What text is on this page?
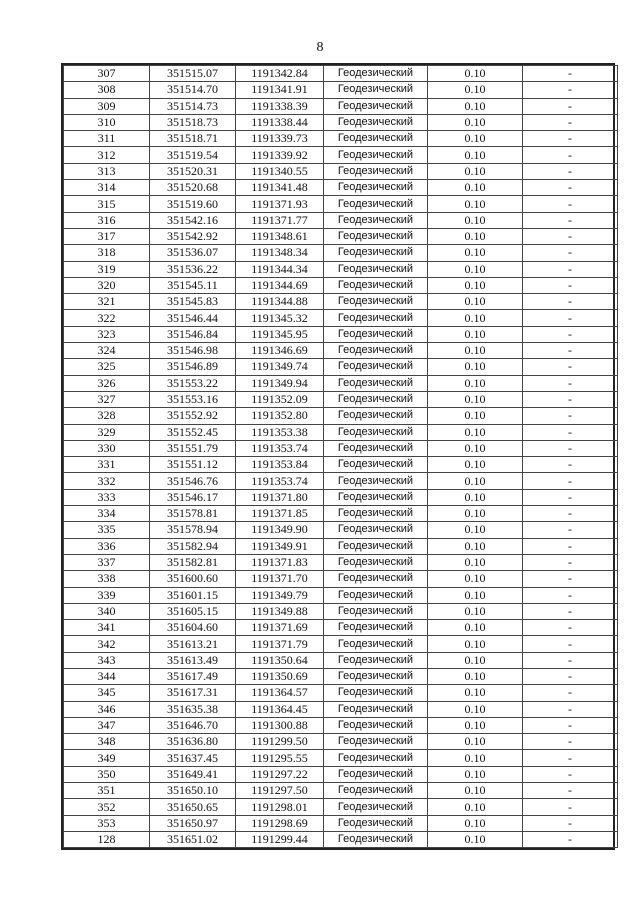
8
307	351515.07	1191342.84	Геодезический	0.10	-
308	351514.70	1191341.91	Геодезический	0.10	-
309	351514.73	1191338.39	Геодезический	0.10	-
310	351518.73	1191338.44	Геодезический	0.10	-
311	351518.71	1191339.73	Геодезический	0.10	-
312	351519.54	1191339.92	Геодезический	0.10	-
313	351520.31	1191340.55	Геодезический	0.10	-
314	351520.68	1191341.48	Геодезический	0.10	-
315	351519.60	1191371.93	Геодезический	0.10	-
316	351542.16	1191371.77	Геодезический	0.10	-
317	351542.92	1191348.61	Геодезический	0.10	-
318	351536.07	1191348.34	Геодезический	0.10	-
319	351536.22	1191344.34	Геодезический	0.10	-
320	351545.11	1191344.69	Геодезический	0.10	-
321	351545.83	1191344.88	Геодезический	0.10	-
322	351546.44	1191345.32	Геодезический	0.10	-
323	351546.84	1191345.95	Геодезический	0.10	-
324	351546.98	1191346.69	Геодезический	0.10	-
325	351546.89	1191349.74	Геодезический	0.10	-
326	351553.22	1191349.94	Геодезический	0.10	-
327	351553.16	1191352.09	Геодезический	0.10	-
328	351552.92	1191352.80	Геодезический	0.10	-
329	351552.45	1191353.38	Геодезический	0.10	-
330	351551.79	1191353.74	Геодезический	0.10	-
331	351551.12	1191353.84	Геодезический	0.10	-
332	351546.76	1191353.74	Геодезический	0.10	-
333	351546.17	1191371.80	Геодезический	0.10	-
334	351578.81	1191371.85	Геодезический	0.10	-
335	351578.94	1191349.90	Геодезический	0.10	-
336	351582.94	1191349.91	Геодезический	0.10	-
337	351582.81	1191371.83	Геодезический	0.10	-
338	351600.60	1191371.70	Геодезический	0.10	-
339	351601.15	1191349.79	Геодезический	0.10	-
340	351605.15	1191349.88	Геодезический	0.10	-
341	351604.60	1191371.69	Геодезический	0.10	-
342	351613.21	1191371.79	Геодезический	0.10	-
343	351613.49	1191350.64	Геодезический	0.10	-
344	351617.49	1191350.69	Геодезический	0.10	-
345	351617.31	1191364.57	Геодезический	0.10	-
346	351635.38	1191364.45	Геодезический	0.10	-
347	351646.70	1191300.88	Геодезический	0.10	-
348	351636.80	1191299.50	Геодезический	0.10	-
349	351637.45	1191295.55	Геодезический	0.10	-
350	351649.41	1191297.22	Геодезический	0.10	-
351	351650.10	1191297.50	Геодезический	0.10	-
352	351650.65	1191298.01	Геодезический	0.10	-
353	351650.97	1191298.69	Геодезический	0.10	-
128	351651.02	1191299.44	Геодезический	0.10	-
